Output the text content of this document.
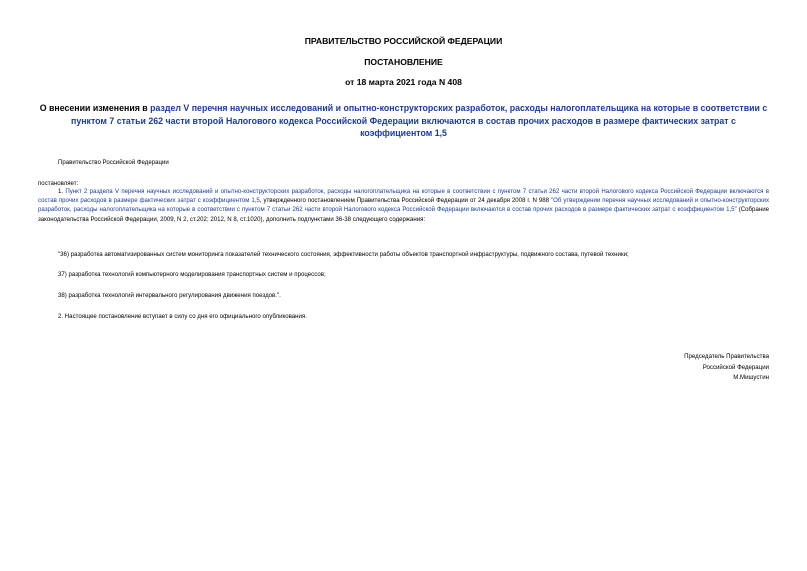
ПРАВИТЕЛЬСТВО РОССИЙСКОЙ ФЕДЕРАЦИИ
ПОСТАНОВЛЕНИЕ
от 18 марта 2021 года N 408
О внесении изменения в раздел V перечня научных исследований и опытно-конструкторских разработок, расходы налогоплательщика на которые в соответствии с пунктом 7 статьи 262 части второй Налогового кодекса Российской Федерации включаются в состав прочих расходов в размере фактических затрат с коэффициентом 1,5
Правительство Российской Федерации
постановляет:
1. Пункт 2 раздела V перечня научных исследований и опытно-конструкторских разработок, расходы налогоплательщика на которые в соответствии с пунктом 7 статьи 262 части второй Налогового кодекса Российской Федерации включаются в состав прочих расходов в размере фактических затрат с коэффициентом 1,5, утвержденного постановлением Правительства Российской Федерации от 24 декабря 2008 г. N 988 "Об утверждении перечня научных исследований и опытно-конструкторских разработок, расходы налогоплательщика на которые в соответствии с пунктом 7 статьи 262 части второй Налогового кодекса Российской Федерации включаются в состав прочих расходов в размере фактических затрат с коэффициентом 1,5" (Собрание законодательства Российской Федерации, 2009, N 2, ст.202; 2012, N 8, ст.1020), дополнить подпунктами 36-38 следующего содержания:
"36) разработка автоматизированных систем мониторинга показателей технического состояния, эффективности работы объектов транспортной инфраструктуры, подвижного состава, путевой техники;
37) разработка технологий компьютерного моделирования транспортных систем и процессов;
38) разработка технологий интервального регулирования движения поездов.".
2. Настоящее постановление вступает в силу со дня его официального опубликования.
Председатель Правительства
Российской Федерации
М.Мишустин
